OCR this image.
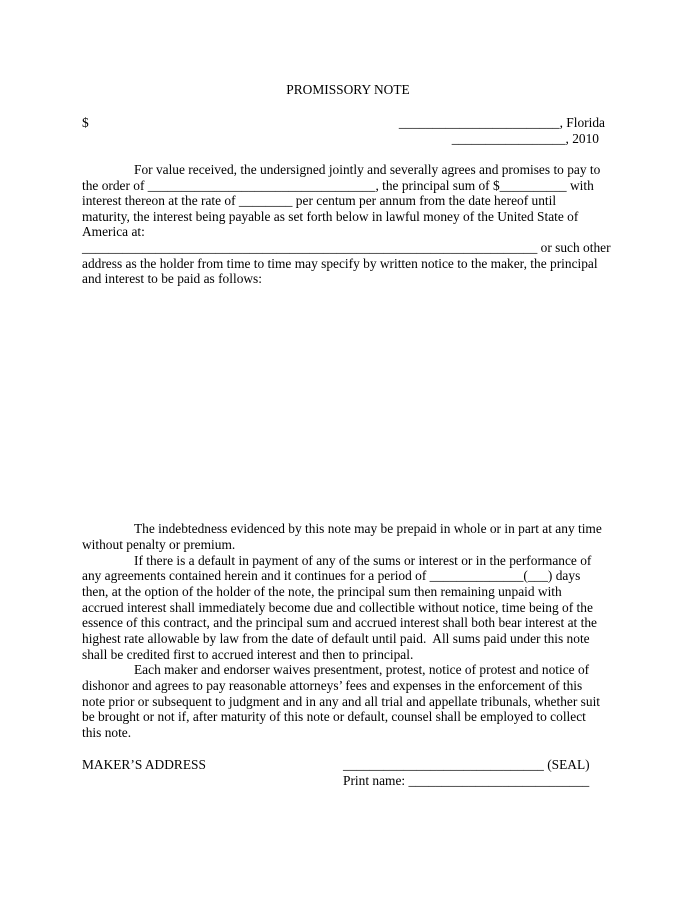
PROMISSORY NOTE
$	________________________, Florida
_________________, 2010
For value received, the undersigned jointly and severally agrees and promises to pay to
the order of __________________________________, the principal sum of $__________ with
interest thereon at the rate of ________ per centum per annum from the date hereof until
maturity, the interest being payable as set forth below in lawful money of the United State of
America at:
____________________________________________________________________ or such other
address as the holder from time to time may specify by written notice to the maker, the principal
and interest to be paid as follows:
The indebtedness evidenced by this note may be prepaid in whole or in part at any time
without penalty or premium.
If there is a default in payment of any of the sums or interest or in the performance of
any agreements contained herein and it continues for a period of ______________(___) days
then, at the option of the holder of the note, the principal sum then remaining unpaid with
accrued interest shall immediately become due and collectible without notice, time being of the
essence of this contract, and the principal sum and accrued interest shall both bear interest at the
highest rate allowable by law from the date of default until paid.  All sums paid under this note
shall be credited first to accrued interest and then to principal.
Each maker and endorser waives presentment, protest, notice of protest and notice of
dishonor and agrees to pay reasonable attorneys’ fees and expenses in the enforcement of this
note prior or subsequent to judgment and in any and all trial and appellate tribunals, whether suit
be brought or not if, after maturity of this note or default, counsel shall be employed to collect
this note.
MAKER’S ADDRESS	______________________________ (SEAL)
Print name: ___________________________
